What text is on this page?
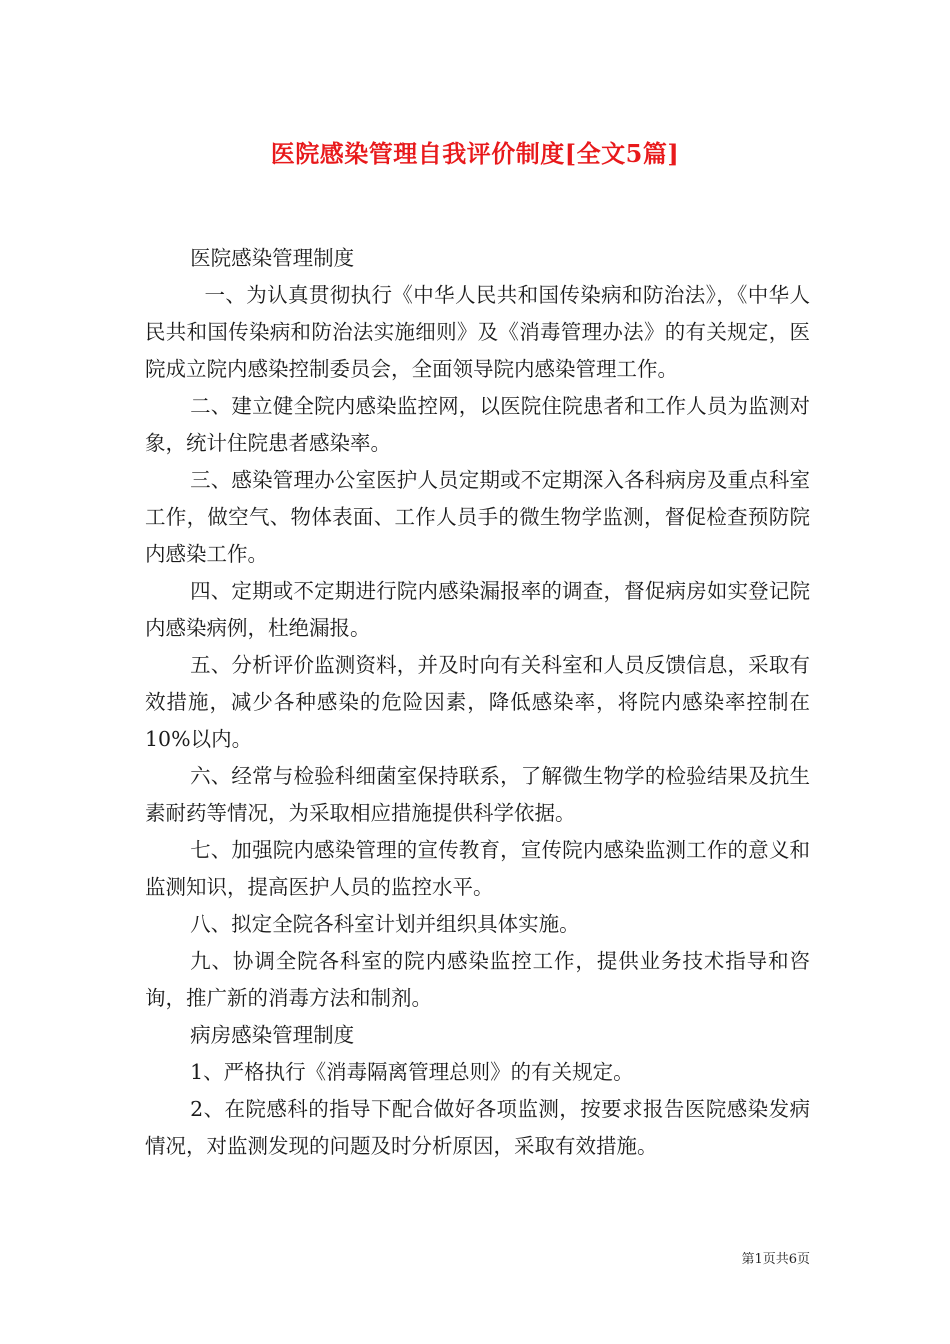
医院感染管理自我评价制度[全文5篇]

医院感染管理制度

一、为认真贯彻执行《中华人民共和国传染病和防治法》，《中华人民共和国传染病和防治法实施细则》及《消毒管理办法》的有关规定，医院成立院内感染控制委员会，全面领导院内感染管理工作。

二、建立健全院内感染监控网，以医院住院患者和工作人员为监测对象，统计住院患者感染率。

三、感染管理办公室医护人员定期或不定期深入各科病房及重点科室工作，做空气、物体表面、工作人员手的微生物学监测，督促检查预防院内感染工作。

四、定期或不定期进行院内感染漏报率的调查，督促病房如实登记院内感染病例，杜绝漏报。

五、分析评价监测资料，并及时向有关科室和人员反馈信息，采取有效措施，减少各种感染的危险因素，降低感染率，将院内感染率控制在10%以内。

六、经常与检验科细菌室保持联系，了解微生物学的检验结果及抗生素耐药等情况，为采取相应措施提供科学依据。

七、加强院内感染管理的宣传教育，宣传院内感染监测工作的意义和监测知识，提高医护人员的监控水平。

八、拟定全院各科室计划并组织具体实施。

九、协调全院各科室的院内感染监控工作，提供业务技术指导和咨询，推广新的消毒方法和制剂。

病房感染管理制度

1、严格执行《消毒隔离管理总则》的有关规定。

2、在院感科的指导下配合做好各项监测，按要求报告医院感染发病情况，对监测发现的问题及时分析原因，采取有效措施。

第1页共6页
